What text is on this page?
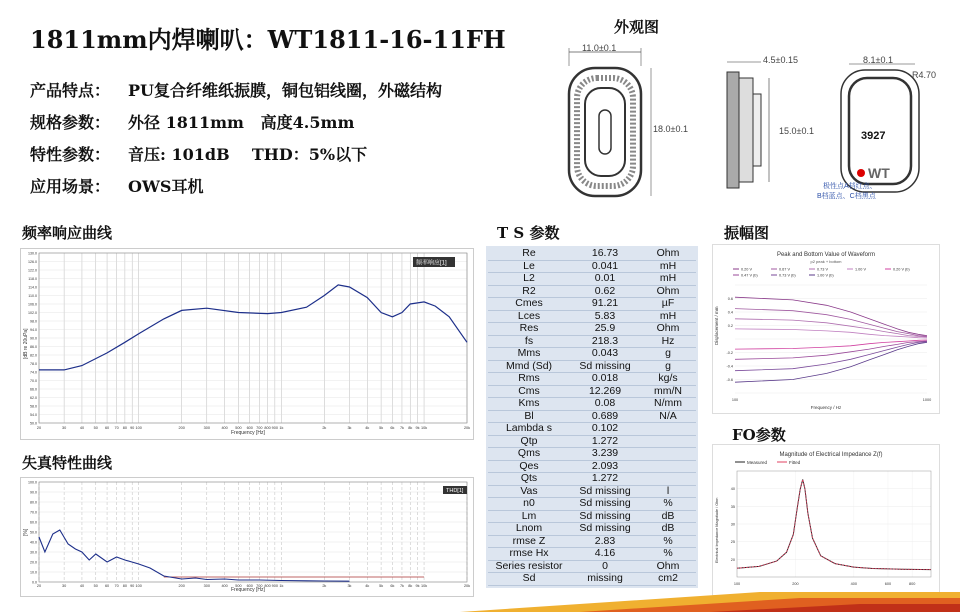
1811mm内焊喇叭：WT1811-16-11FH
产品特点： PU复合纤维纸振膜，铜包铝线圈，外磁结构
规格参数： 外径 1811mm   高度4.5mm
特性参数： 音压: 101dB    THD：5%以下
应用场景： OWS耳机
外观图
11.0±0.1
18.0±0.1
4.5±0.15
15.0±0.1
8.1±0.1
R4.70
3927
WT
极性点A档红点、
B档蓝点、C档黑点
频率响应曲线
20	30	40	50 60 70 80 90 100	200	300	400 500 600 700 800 900 1k	2k	3k	4k	5k 6k 7k 8k 9k 10k	20k
50.0
54.0
58.0
62.0
66.0
70.0
74.0
78.0
82.0
86.0
90.0
94.0
98.0
102.0
106.0
110.0
114.0
118.0
122.0
126.0
130.0
频率响应[1]
Frequency [Hz]
[dB re 20uPa]
失真特性曲线
20	30	40	50 60 70 80 90 100	200	300	400 500 600 700 800 900 1k	2k	3k	4k	5k 6k 7k 8k 9k 10k	20k
0.0
10.0
20.0
30.0
40.0
50.0
60.0
70.0
80.0
90.0
100.0
THD[1]
Frequency [Hz]
[%]
T S 参数
Re	16.73	Ohm
Le	0.041	mH
L2	0.01	mH
R2	0.62	Ohm
Cmes	91.21	µF
Lces	5.83	mH
Res	25.9	Ohm
fs	218.3	Hz
Mms	0.043	g
Mmd (Sd)	Sd missing	g
Rms	0.018	kg/s
Cms	12.269	mm/N
Kms	0.08	N/mm
Bl	0.689	N/A
Lambda s	0.102	
Qtp	1.272	
Qms	3.239	
Qes	2.093	
Qts	1.272	
Vas	Sd missing	l
n0	Sd missing	%
Lm	Sd missing	dB
Lnom	Sd missing	dB
rmse Z	2.83	%
rmse Hx	4.16	%
Series resistor	0	Ohm
Sd	missing	cm2
振幅图
Peak and Bottom Value of Waveform
p2 peak + bottom
0.20 V	0.67 V	0.73 V	1.00 V	0.20 V (b)
0.47 V (b)	0.73 V (b)	1.00 V (b)
-0.6
-0.4
-0.2
0.2
0.4
0.6
100	1000
Frequency / Hz
Displacement / mm
FO参数
Magnitude of Electrical Impedance Z(f)
Measured	Fitted
20
25
30
35
40
100	200	400	600	800
Electrical Impedance Magnitude / Ohm
